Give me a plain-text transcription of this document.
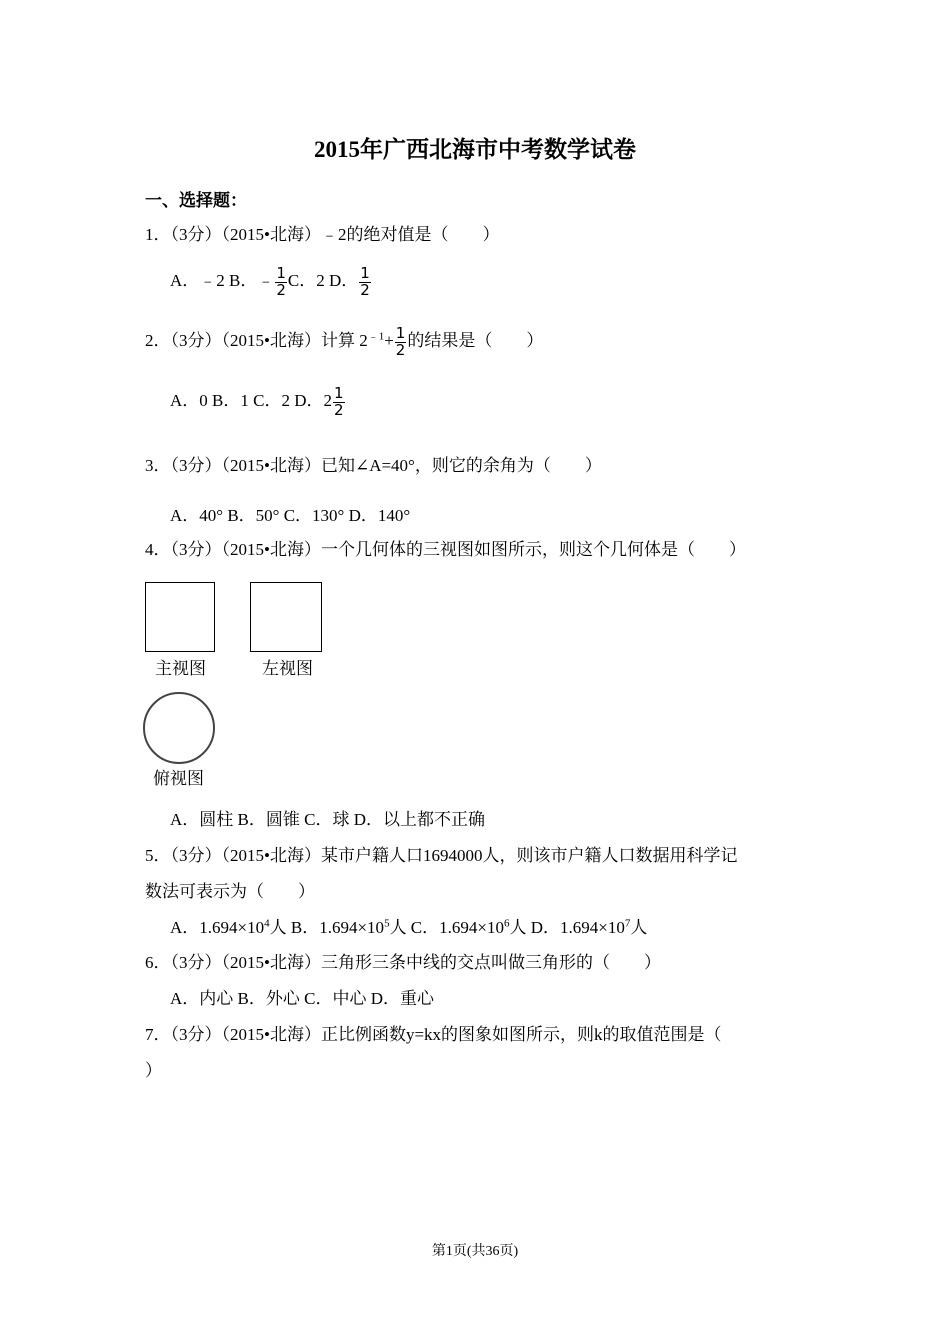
2015年广西北海市中考数学试卷
一、选择题：
1．（3分）（2015•北海）﹣2的绝对值是（　　）
A．﹣2 B．﹣ $\frac{1}{2}$ C．2 D． $\frac{1}{2}$
2．（3分）（2015•北海）计算 $2^{﹣1}+ \frac{1}{2}$ 的结果是（　　）
A．0 B．1 C．2 D．$2 \frac{1}{2}$
3．（3分）（2015•北海）已知∠A=40°，则它的余角为（　　）
A．40° B．50° C．130° D．140°
4．（3分）（2015•北海）一个几何体的三视图如图所示，则这个几何体是（　　）
主视图	左视图
俯视图
A．圆柱 B．圆锥 C．球 D．以上都不正确
5．（3分）（2015•北海）某市户籍人口1694000人，则该市户籍人口数据用科学记
数法可表示为（　　）
A．$1.694\times 10^4$人 B．$1.694\times 10^5$人 C．$1.694\times 10^6$人 D．$1.694\times 10^7$人
6．（3分）（2015•北海）三角形三条中线的交点叫做三角形的（　　）
A．内心 B．外心 C．中心 D．重心
7．（3分）（2015•北海）正比例函数y=kx的图象如图所示，则k的取值范围是（
）
第1页(共36页)
